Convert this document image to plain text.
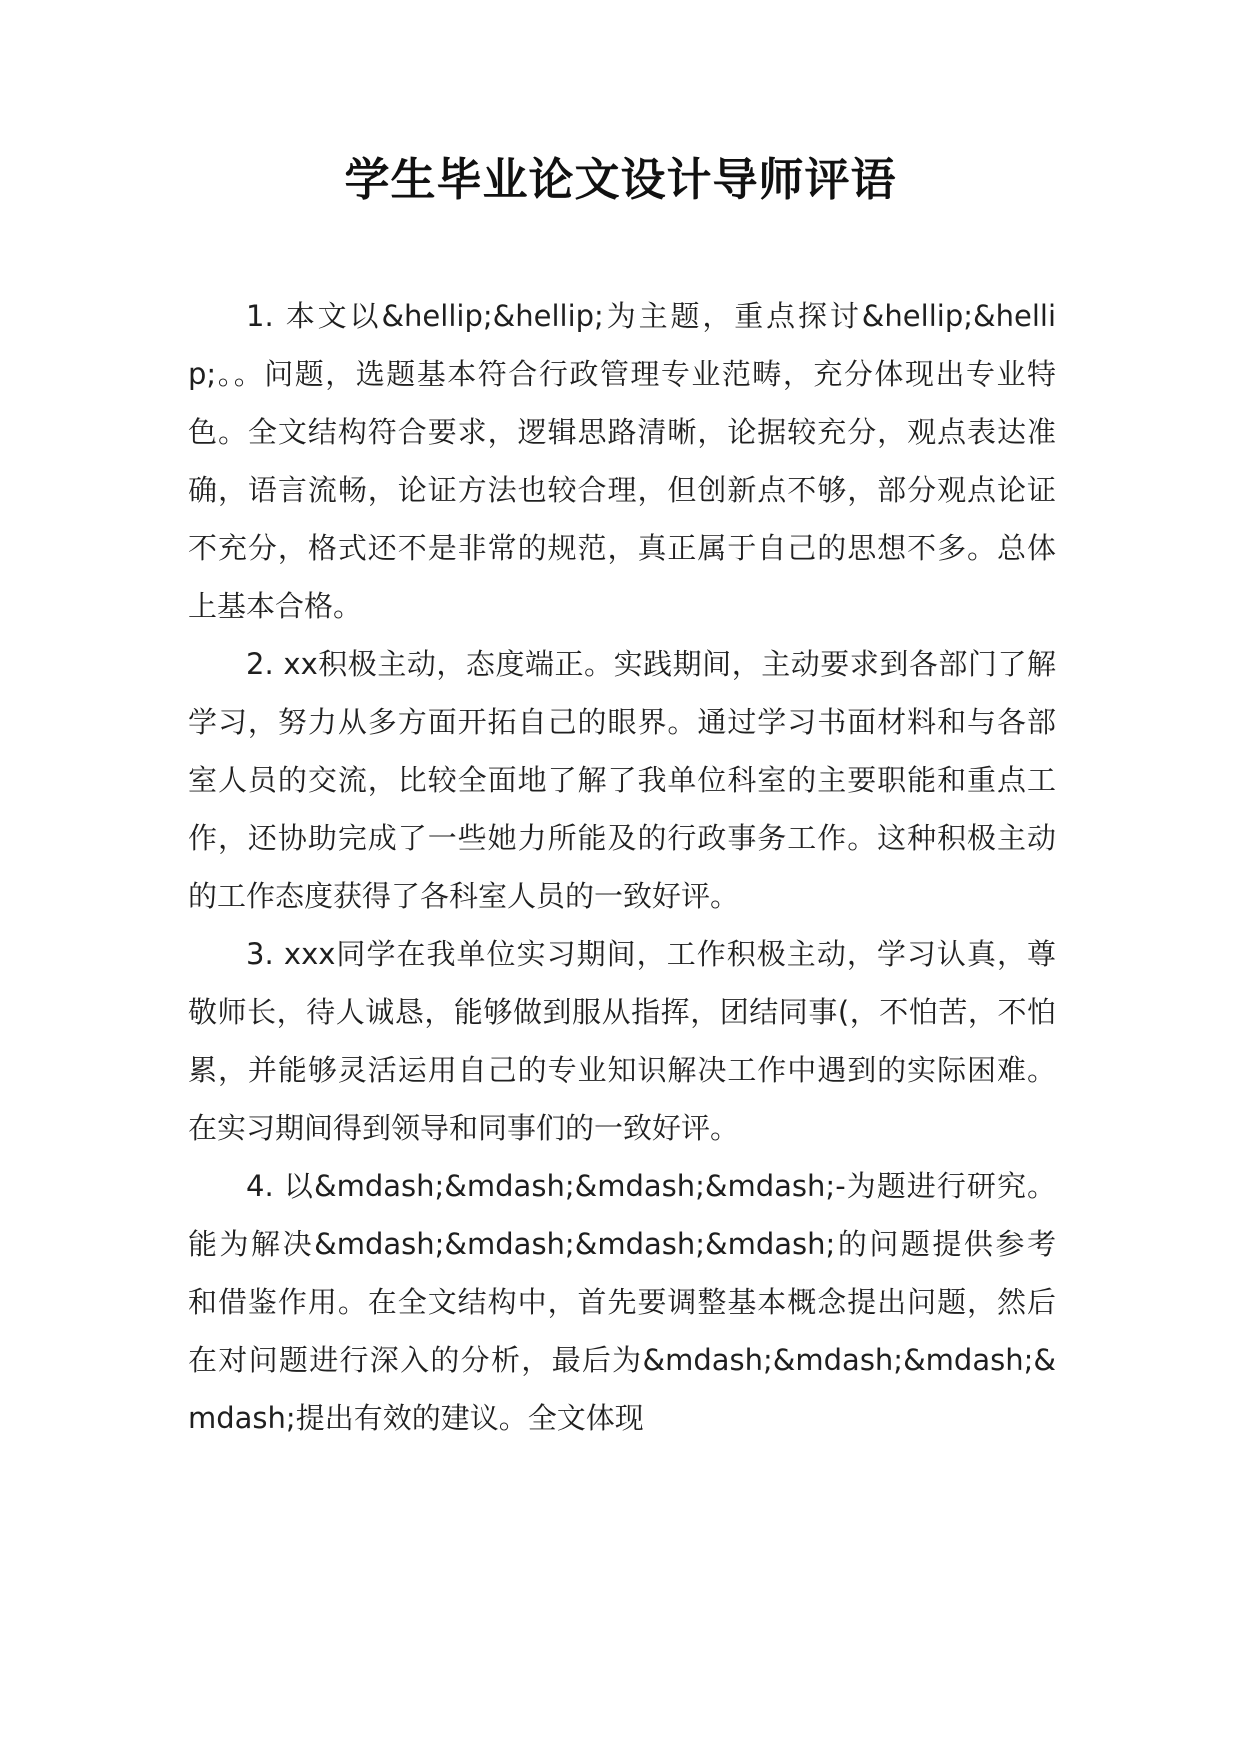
学生毕业论文设计导师评语

1. 本文以&hellip;&hellip;为主题，重点探讨&hellip;&hellip;。。问题，选题基本符合行政管理专业范畴，充分体现出专业特色。全文结构符合要求，逻辑思路清晰，论据较充分，观点表达准确，语言流畅，论证方法也较合理，但创新点不够，部分观点论证不充分，格式还不是非常的规范，真正属于自己的思想不多。总体上基本合格。

2. xx积极主动，态度端正。实践期间，主动要求到各部门了解学习，努力从多方面开拓自己的眼界。通过学习书面材料和与各部室人员的交流，比较全面地了解了我单位科室的主要职能和重点工作，还协助完成了一些她力所能及的行政事务工作。这种积极主动的工作态度获得了各科室人员的一致好评。

3. xxx同学在我单位实习期间，工作积极主动，学习认真，尊敬师长，待人诚恳，能够做到服从指挥，团结同事(，不怕苦，不怕累，并能够灵活运用自己的专业知识解决工作中遇到的实际困难。在实习期间得到领导和同事们的一致好评。

4. 以&mdash;&mdash;&mdash;&mdash;-为题进行研究。能为解决&mdash;&mdash;&mdash;&mdash;的问题提供参考和借鉴作用。在全文结构中，首先要调整基本概念提出问题，然后在对问题进行深入的分析，最后为&mdash;&mdash;&mdash;&mdash;提出有效的建议。全文体现
